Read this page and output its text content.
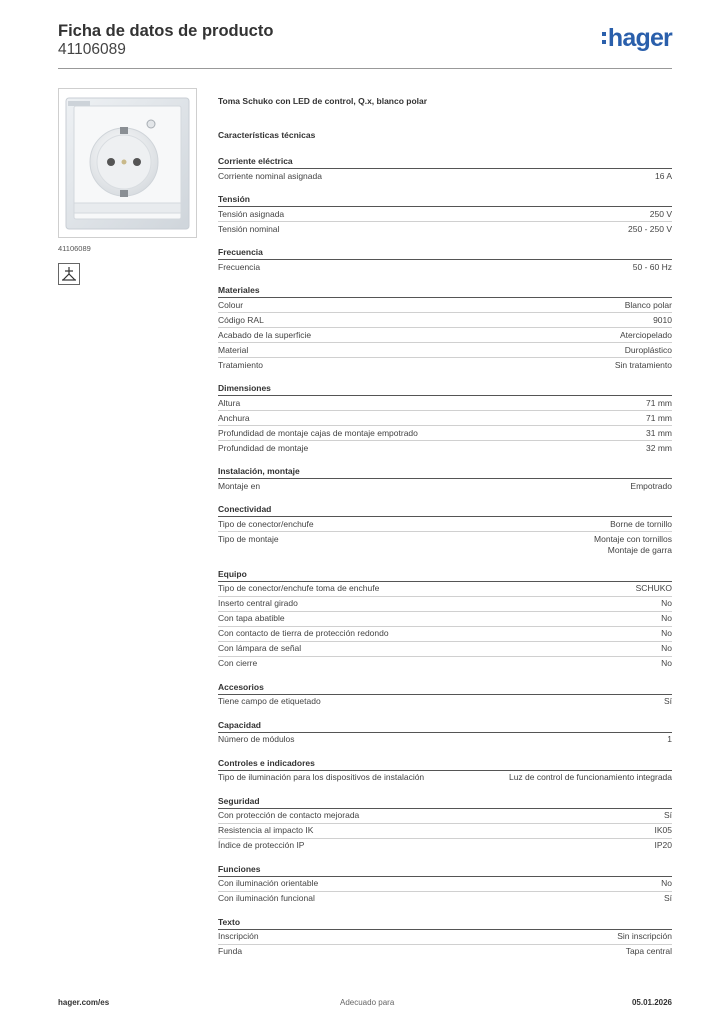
Ficha de datos de producto
41106089	hager
41106089
Toma Schuko con LED de control, Q.x, blanco polar
Características técnicas
Corriente eléctrica
Corriente nominal asignada	16 A
Tensión
Tensión asignada	250 V
Tensión nominal	250 - 250 V
Frecuencia
Frecuencia	50 - 60 Hz
Materiales
Colour	Blanco polar
Código RAL	9010
Acabado de la superficie	Aterciopelado
Material	Duroplástico
Tratamiento	Sin tratamiento
Dimensiones
Altura	71 mm
Anchura	71 mm
Profundidad de montaje cajas de montaje empotrado	31 mm
Profundidad de montaje	32 mm
Instalación, montaje
Montaje en	Empotrado
Conectividad
Tipo de conector/enchufe	Borne de tornillo
Tipo de montaje	Montaje con tornillos
Montaje de garra
Equipo
Tipo de conector/enchufe toma de enchufe	SCHUKO
Inserto central girado	No
Con tapa abatible	No
Con contacto de tierra de protección redondo	No
Con lámpara de señal	No
Con cierre	No
Accesorios
Tiene campo de etiquetado	Sí
Capacidad
Número de módulos	1
Controles e indicadores
Tipo de iluminación para los dispositivos de instalación	Luz de control de funcionamiento integrada
Seguridad
Con protección de contacto mejorada	Sí
Resistencia al impacto IK	IK05
Índice de protección IP	IP20
Funciones
Con iluminación orientable	No
Con iluminación funcional	Sí
Texto
Inscripción	Sin inscripción
Funda	Tapa central
hager.com/es	Adecuado para	05.01.2026
